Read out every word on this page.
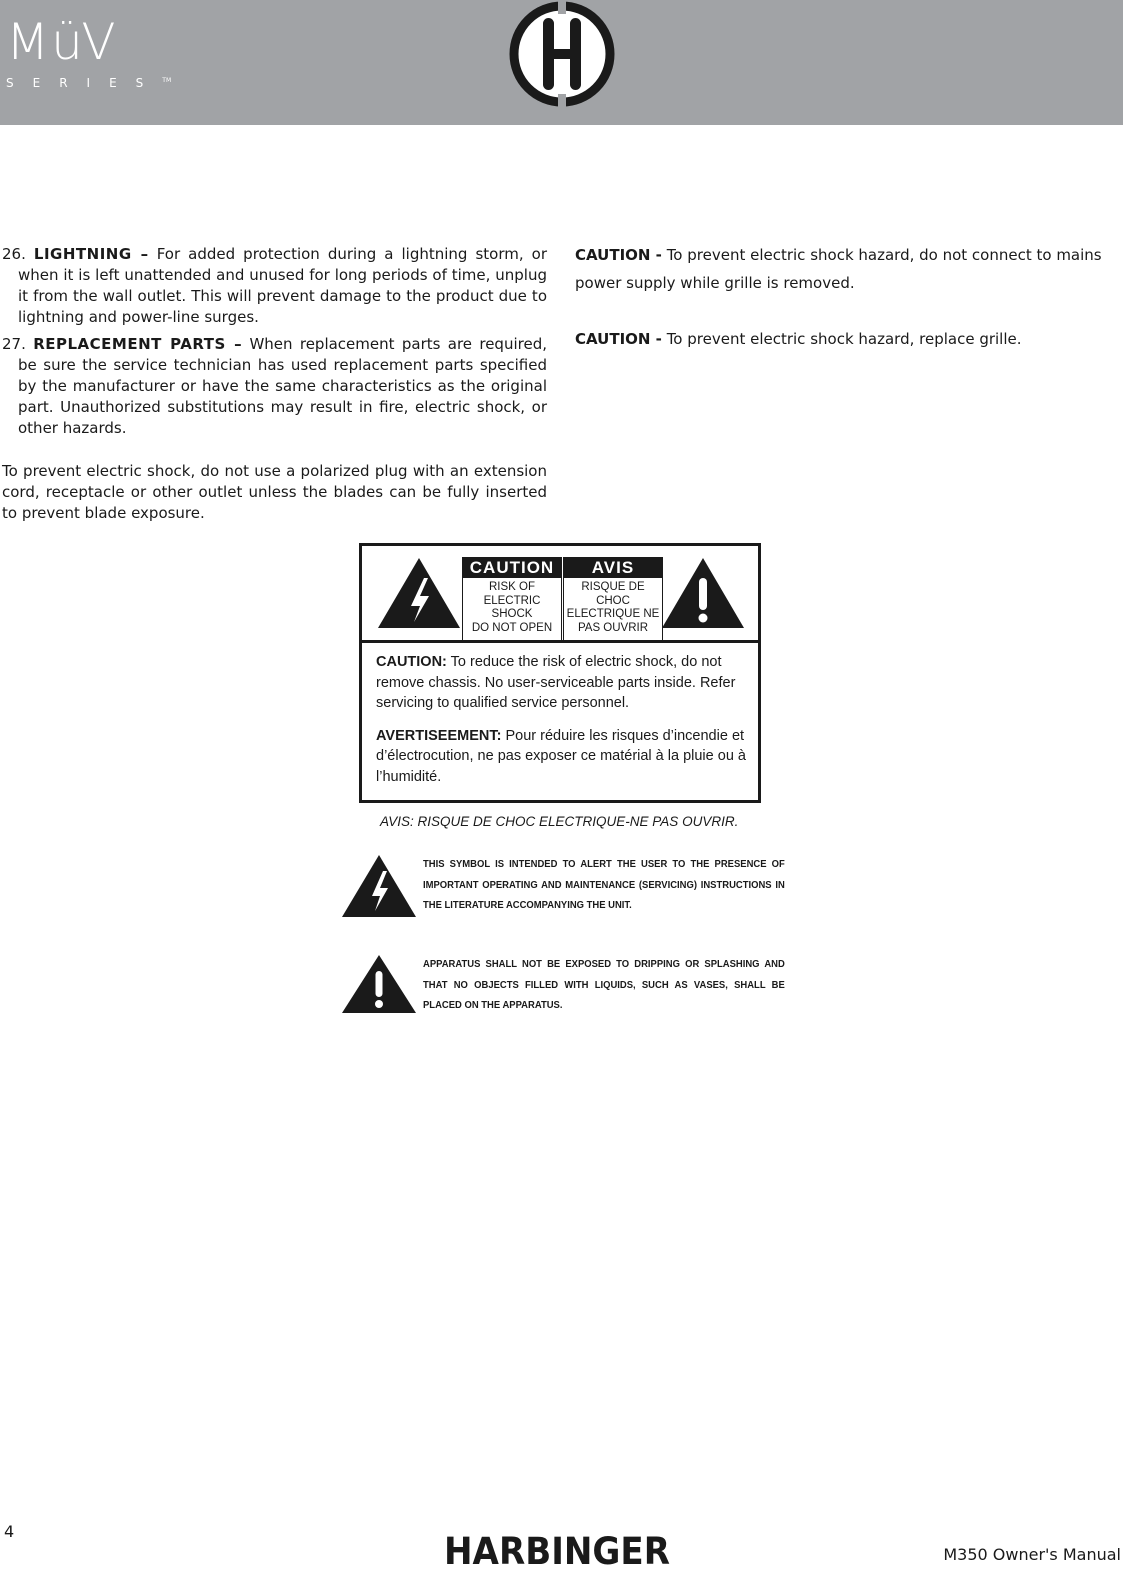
MüV
SERIES™
26. LIGHTNING – For added protection during a lightning storm, or when it is left unattended and unused for long periods of time, unplug it from the wall outlet. This will prevent damage to the product due to lightning and power-line surges.
27. REPLACEMENT PARTS – When replacement parts are required, be sure the service technician has used replacement parts specified by the manufacturer or have the same characteristics as the original part. Unauthorized substitutions may result in fire, electric shock, or other hazards.
To prevent electric shock, do not use a polarized plug with an extension cord, receptacle or other outlet unless the blades can be fully inserted to prevent blade exposure.

CAUTION - To prevent electric shock hazard, do not connect to mains power supply while grille is removed.

CAUTION - To prevent electric shock hazard, replace grille.

CAUTION
RISK OF
ELECTRIC SHOCK
DO NOT OPEN
AVIS
RISQUE DE CHOC
ELECTRIQUE NE
PAS OUVRIR

CAUTION: To reduce the risk of electric shock, do not remove chassis. No user-serviceable parts inside. Refer servicing to qualified service personnel.

AVERTISEEMENT: Pour réduire les risques d’incendie et d’électrocution, ne pas exposer ce matérial à la pluie ou à l’humidité.

AVIS: RISQUE DE CHOC ELECTRIQUE-NE PAS OUVRIR.
THIS SYMBOL IS INTENDED TO ALERT THE USER TO THE PRESENCE OF IMPORTANT OPERATING AND MAINTENANCE (SERVICING) INSTRUCTIONS IN THE LITERATURE ACCOMPANYING THE UNIT.
APPARATUS SHALL NOT BE EXPOSED TO DRIPPING OR SPLASHING AND THAT NO OBJECTS FILLED WITH LIQUIDS, SUCH AS VASES, SHALL BE PLACED ON THE APPARATUS.
4	HARBINGER	M350 Owner's Manual
